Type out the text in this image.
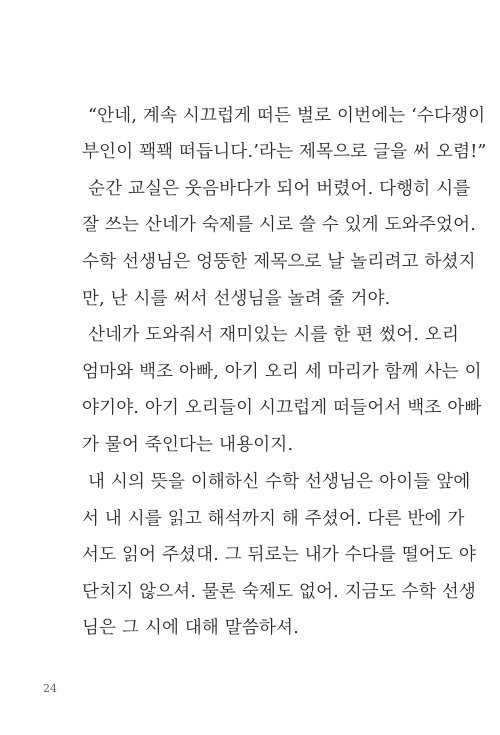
“안네, 계속 시끄럽게 떠든 벌로 이번에는 ‘수다쟁이
부인이 꽥꽥 떠듭니다.’라는 제목으로 글을 써 오렴!”
순간 교실은 웃음바다가 되어 버렸어. 다행히 시를
잘 쓰는 산네가 숙제를 시로 쓸 수 있게 도와주었어.
수학 선생님은 엉뚱한 제목으로 날 놀리려고 하셨지
만, 난 시를 써서 선생님을 놀려 줄 거야.
산네가 도와줘서 재미있는 시를 한 편 썼어. 오리
엄마와 백조 아빠, 아기 오리 세 마리가 함께 사는 이
야기야. 아기 오리들이 시끄럽게 떠들어서 백조 아빠
가 물어 죽인다는 내용이지.
내 시의 뜻을 이해하신 수학 선생님은 아이들 앞에
서 내 시를 읽고 해석까지 해 주셨어. 다른 반에 가
서도 읽어 주셨대. 그 뒤로는 내가 수다를 떨어도 야
단치지 않으셔. 물론 숙제도 없어. 지금도 수학 선생
님은 그 시에 대해 말씀하셔.
24
